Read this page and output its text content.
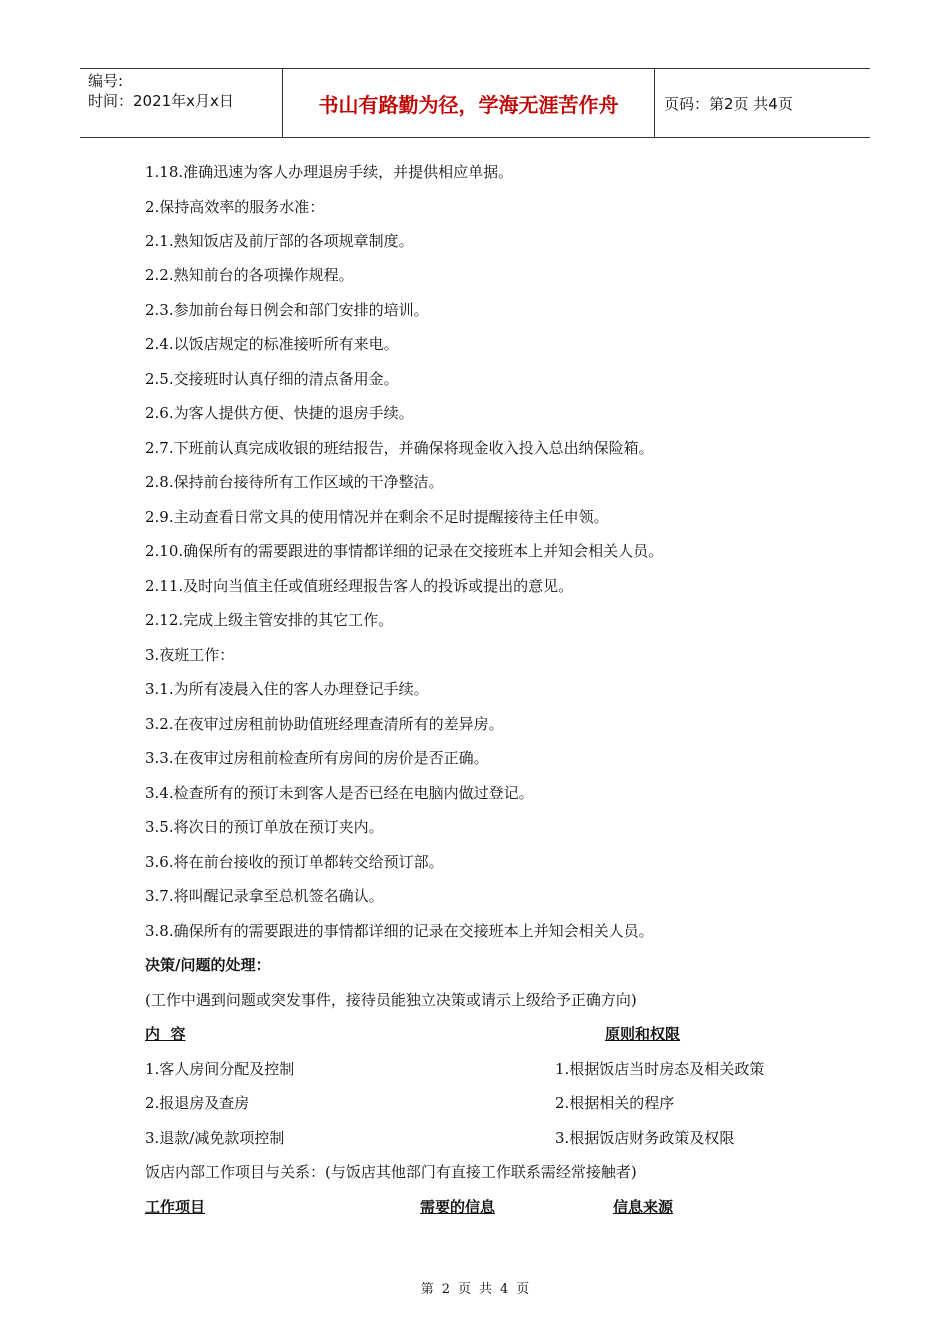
编号:
时间：2021年x月x日	书山有路勤为径，学海无涯苦作舟	页码：第2页 共4页
1.18.准确迅速为客人办理退房手续，并提供相应单据。
2.保持高效率的服务水准：
2.1.熟知饭店及前厅部的各项规章制度。
2.2.熟知前台的各项操作规程。
2.3.参加前台每日例会和部门安排的培训。
2.4.以饭店规定的标准接听所有来电。
2.5.交接班时认真仔细的清点备用金。
2.6.为客人提供方便、快捷的退房手续。
2.7.下班前认真完成收银的班结报告，并确保将现金收入投入总出纳保险箱。
2.8.保持前台接待所有工作区域的干净整洁。
2.9.主动查看日常文具的使用情况并在剩余不足时提醒接待主任申领。
2.10.确保所有的需要跟进的事情都详细的记录在交接班本上并知会相关人员。
2.11.及时向当值主任或值班经理报告客人的投诉或提出的意见。
2.12.完成上级主管安排的其它工作。
3.夜班工作：
3.1.为所有凌晨入住的客人办理登记手续。
3.2.在夜审过房租前协助值班经理查清所有的差异房。
3.3.在夜审过房租前检查所有房间的房价是否正确。
3.4.检查所有的预订未到客人是否已经在电脑内做过登记。
3.5.将次日的预订单放在预订夹内。
3.6.将在前台接收的预订单都转交给预订部。
3.7.将叫醒记录拿至总机签名确认。
3.8.确保所有的需要跟进的事情都详细的记录在交接班本上并知会相关人员。
决策/问题的处理：
(工作中遇到问题或突发事件，接待员能独立决策或请示上级给予正确方向)
内  容	原则和权限
1.客人房间分配及控制	1.根据饭店当时房态及相关政策
2.报退房及查房	2.根据相关的程序
3.退款/减免款项控制	3.根据饭店财务政策及权限
饭店内部工作项目与关系：(与饭店其他部门有直接工作联系需经常接触者)
工作项目	需要的信息	信息来源
第 2 页 共 4 页
